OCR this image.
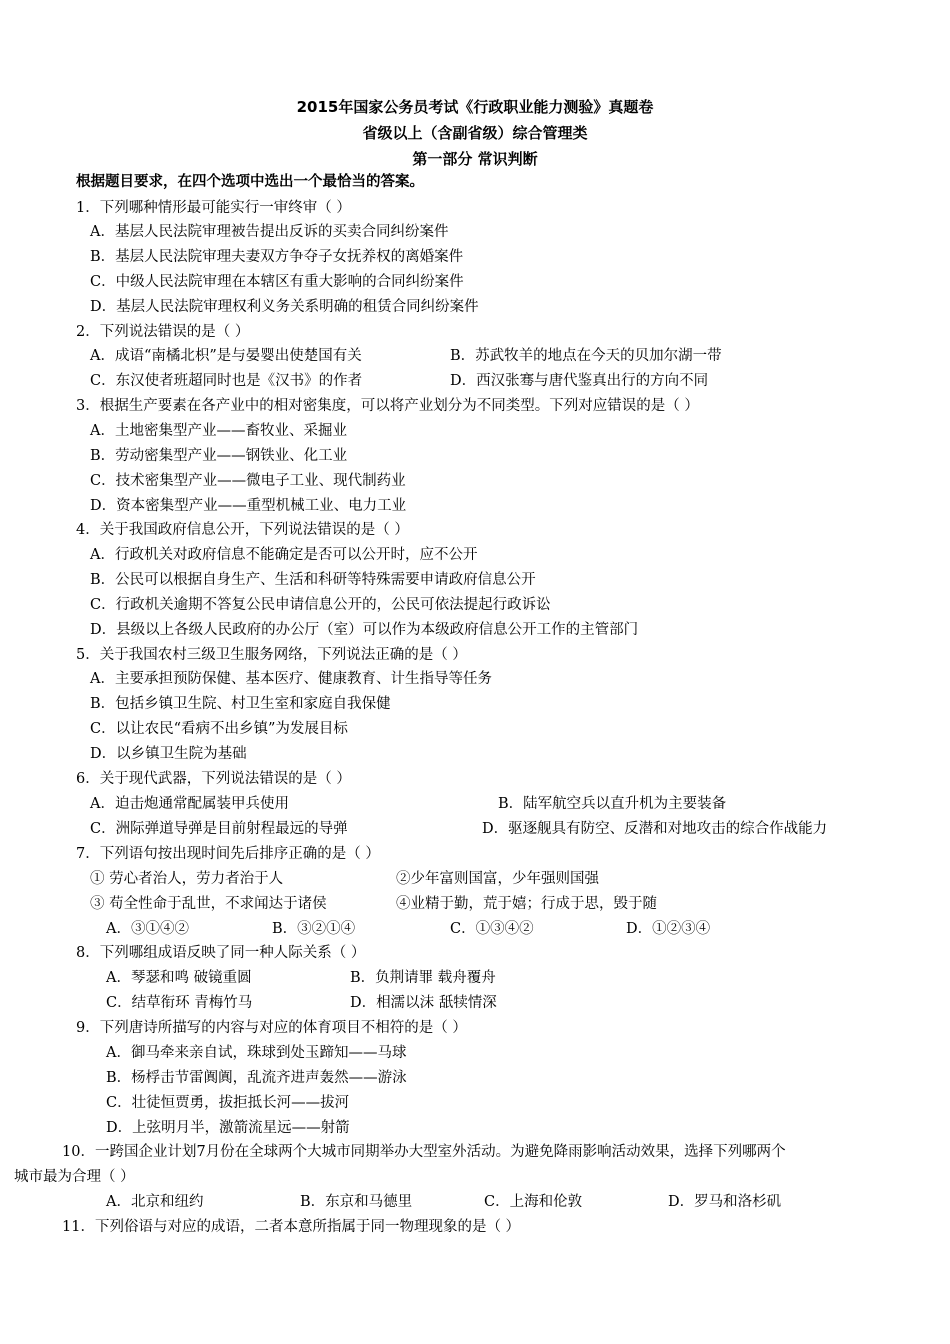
2015年国家公务员考试《行政职业能力测验》真题卷
省级以上（含副省级）综合管理类
第一部分 常识判断
根据题目要求，在四个选项中选出一个最恰当的答案。
1．下列哪种情形最可能实行一审终审（ ）
A．基层人民法院审理被告提出反诉的买卖合同纠纷案件
B．基层人民法院审理夫妻双方争夺子女抚养权的离婚案件
C．中级人民法院审理在本辖区有重大影响的合同纠纷案件
D．基层人民法院审理权利义务关系明确的租赁合同纠纷案件
2．下列说法错误的是（ ）
A．成语“南橘北枳”是与晏婴出使楚国有关	B．苏武牧羊的地点在今天的贝加尔湖一带
C．东汉使者班超同时也是《汉书》的作者	D．西汉张骞与唐代鉴真出行的方向不同
3．根据生产要素在各产业中的相对密集度，可以将产业划分为不同类型。下列对应错误的是（ ）
A．土地密集型产业——畜牧业、采掘业
B．劳动密集型产业——钢铁业、化工业
C．技术密集型产业——微电子工业、现代制药业
D．资本密集型产业——重型机械工业、电力工业
4．关于我国政府信息公开，下列说法错误的是（ ）
A．行政机关对政府信息不能确定是否可以公开时，应不公开
B．公民可以根据自身生产、生活和科研等特殊需要申请政府信息公开
C．行政机关逾期不答复公民申请信息公开的，公民可依法提起行政诉讼
D．县级以上各级人民政府的办公厅（室）可以作为本级政府信息公开工作的主管部门
5．关于我国农村三级卫生服务网络，下列说法正确的是（ ）
A．主要承担预防保健、基本医疗、健康教育、计生指导等任务
B．包括乡镇卫生院、村卫生室和家庭自我保健
C．以让农民“看病不出乡镇”为发展目标
D．以乡镇卫生院为基础
6．关于现代武器，下列说法错误的是（ ）
A．迫击炮通常配属装甲兵使用	B．陆军航空兵以直升机为主要装备
C．洲际弹道导弹是目前射程最远的导弹	D．驱逐舰具有防空、反潜和对地攻击的综合作战能力
7．下列语句按出现时间先后排序正确的是（ ）
① 劳心者治人，劳力者治于人	②少年富则国富，少年强则国强
③ 苟全性命于乱世，不求闻达于诸侯	④业精于勤，荒于嬉；行成于思，毁于随
A．③①④②	B．③②①④	C．①③④②	D．①②③④
8．下列哪组成语反映了同一种人际关系（ ）
A．琴瑟和鸣 破镜重圆	B．负荆请罪 载舟覆舟
C．结草衔环 青梅竹马	D．相濡以沫 舐犊情深
9．下列唐诗所描写的内容与对应的体育项目不相符的是（ ）
A．御马牵来亲自试，珠球到处玉蹄知——马球
B．杨桴击节雷阗阗，乱流齐进声轰然——游泳
C．壮徒恒贾勇，拔拒抵长河——拔河
D．上弦明月半，激箭流星远——射箭
10．一跨国企业计划7月份在全球两个大城市同期举办大型室外活动。为避免降雨影响活动效果，选择下列哪两个
城市最为合理（ ）
A．北京和纽约	B．东京和马德里	C．上海和伦敦	D．罗马和洛杉矶
11．下列俗语与对应的成语，二者本意所指属于同一物理现象的是（ ）
